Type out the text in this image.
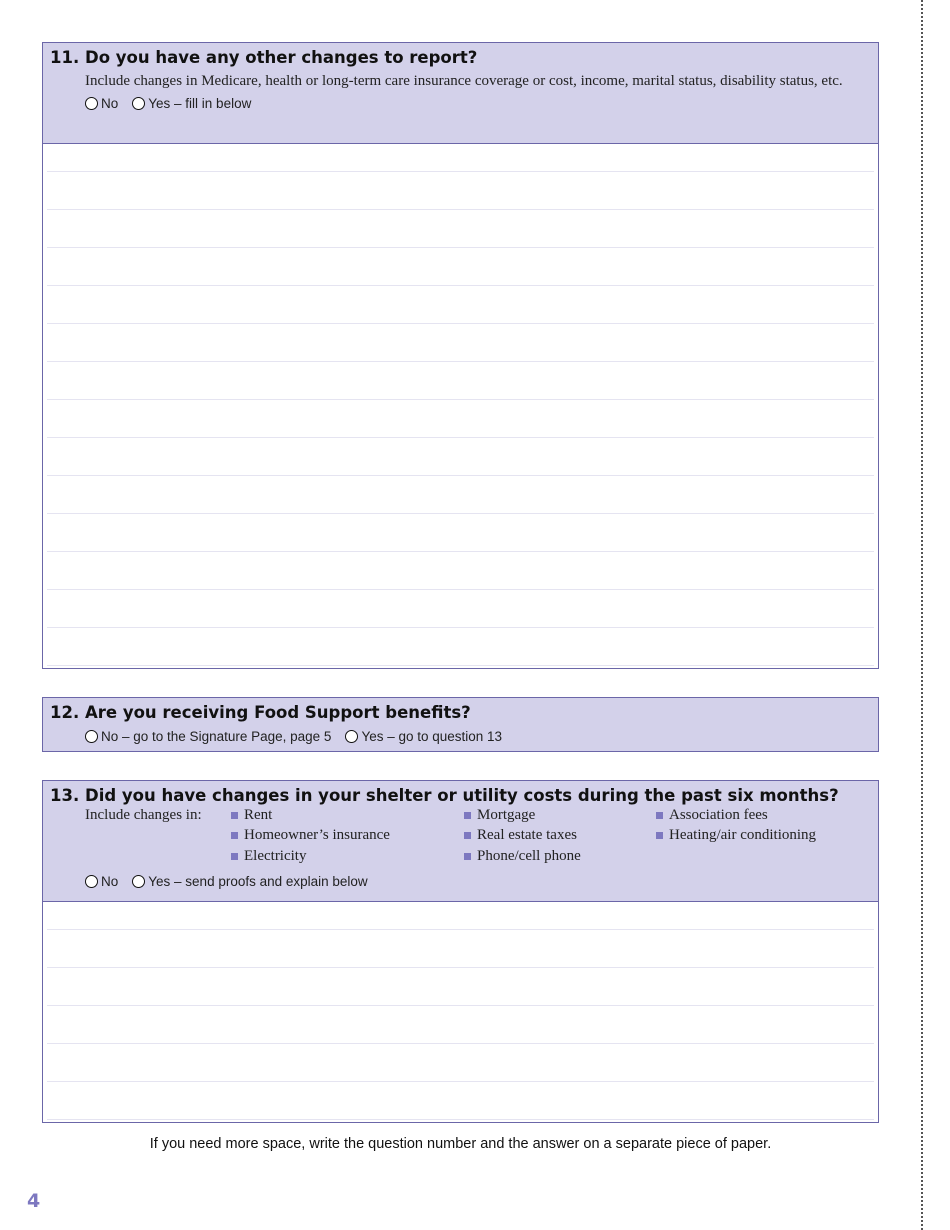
11. Do you have any other changes to report?
Include changes in Medicare, health or long-term care insurance coverage or cost, income, marital status, disability status, etc.
No Yes – fill in below
12. Are you receiving Food Support benefits?
No – go to the Signature Page, page 5 Yes – go to question 13
13. Did you have changes in your shelter or utility costs during the past six months?
Include changes in:	Rent	Mortgage	Association fees
Homeowner’s insurance	Real estate taxes	Heating/air conditioning
Electricity	Phone/cell phone
No Yes – send proofs and explain below
If you need more space, write the question number and the answer on a separate piece of paper.
4
